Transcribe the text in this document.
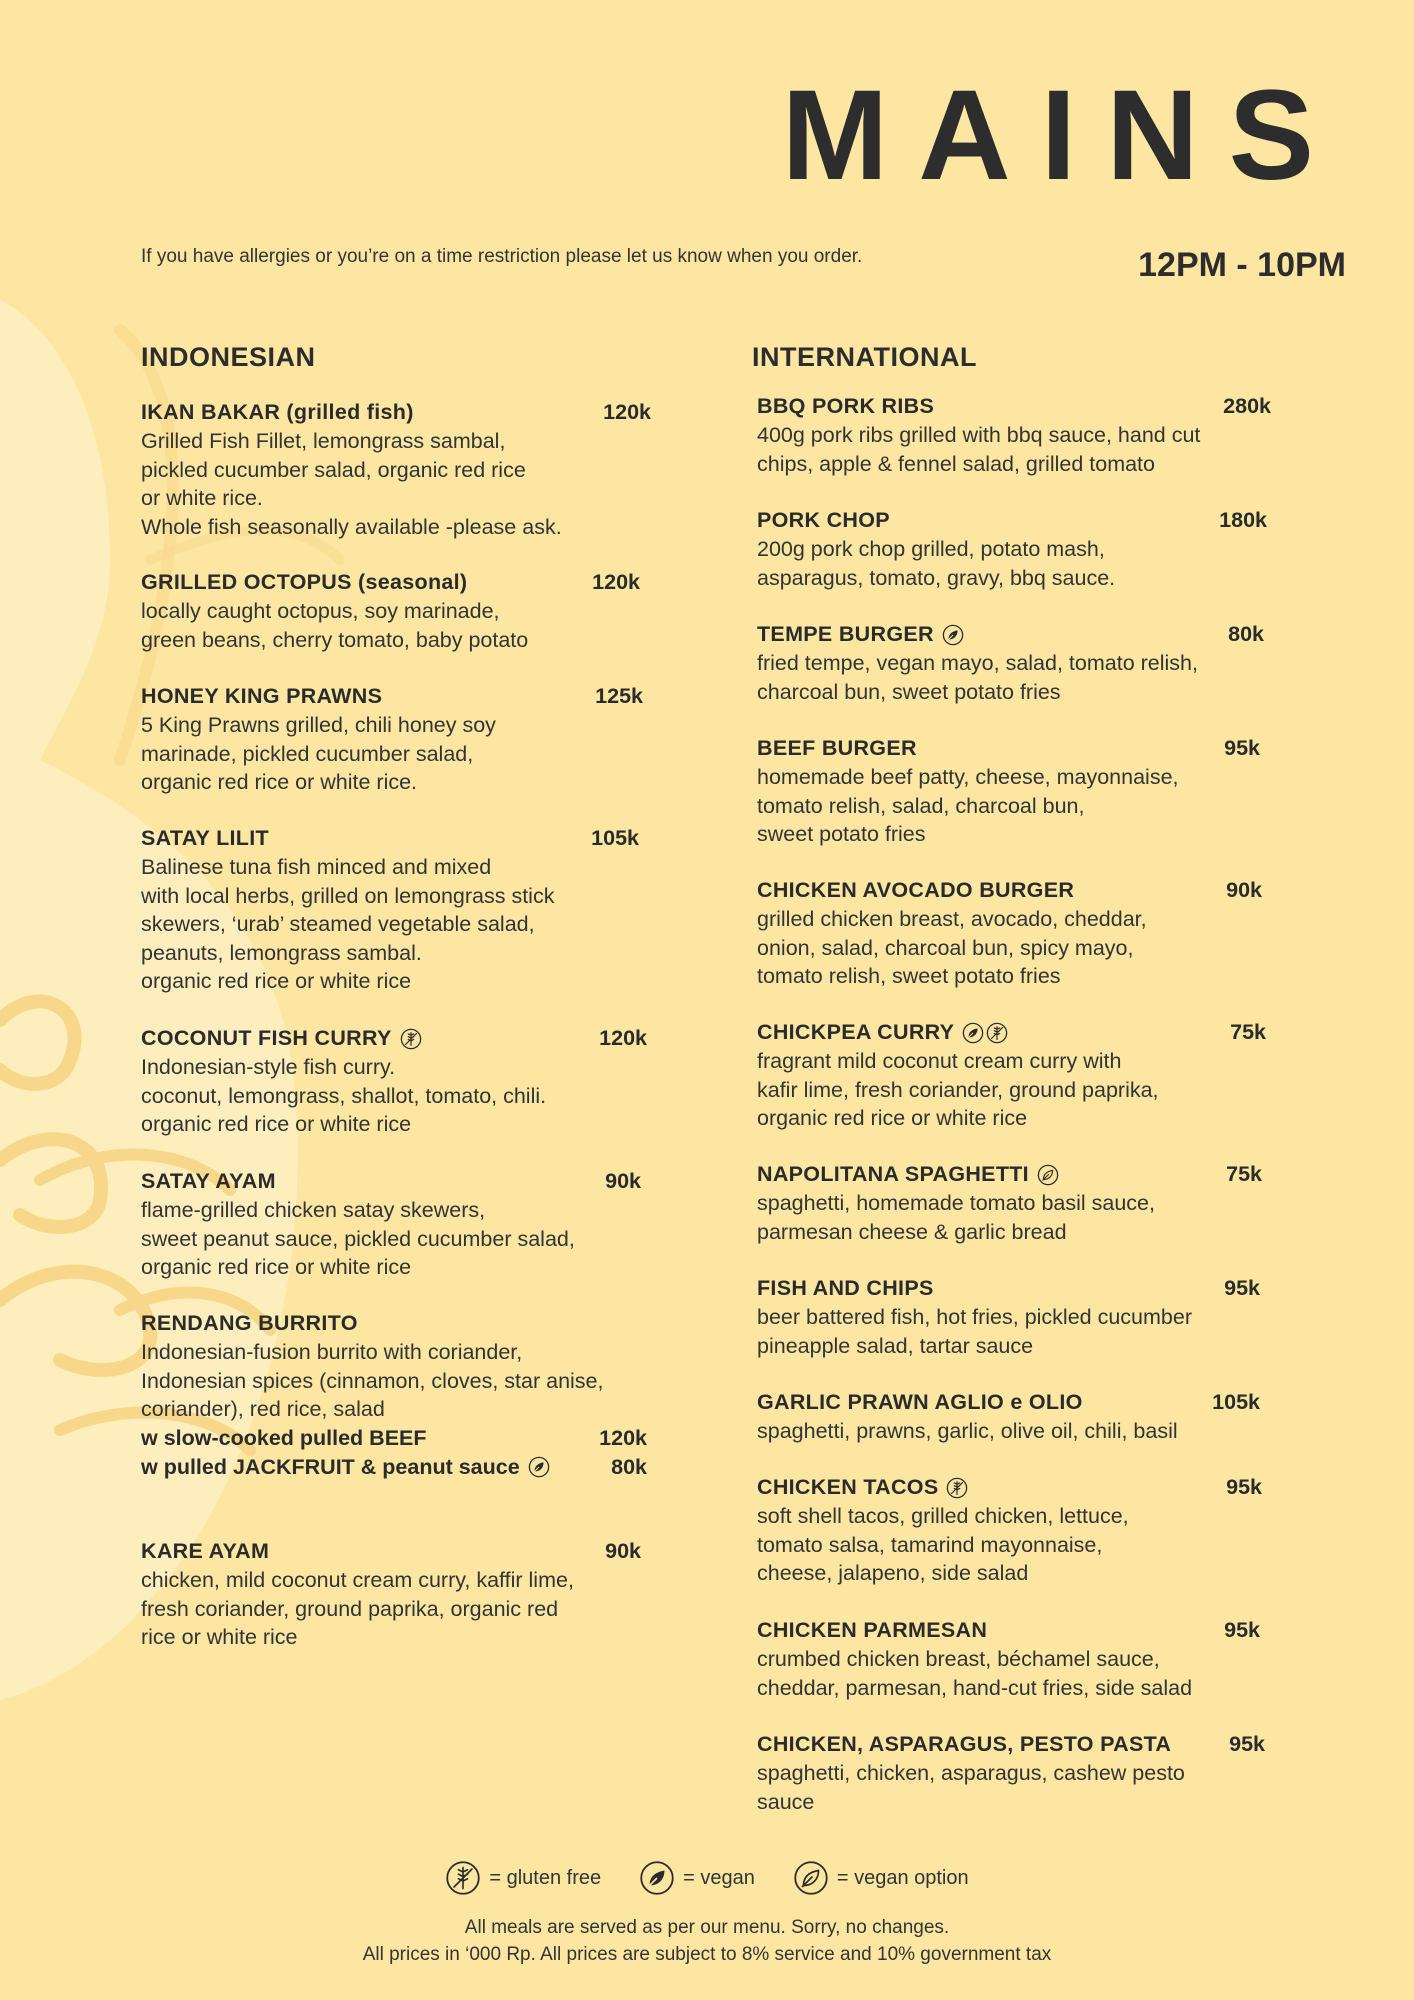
MAINS
If you have allergies or you’re on a time restriction please let us know when you order.	12PM - 10PM
INDONESIAN	INTERNATIONAL
IKAN BAKAR (grilled fish)	120k
Grilled Fish Fillet, lemongrass sambal,
pickled cucumber salad, organic red rice
or white rice.
Whole fish seasonally available -please ask.
GRILLED OCTOPUS (seasonal)	120k
locally caught octopus, soy marinade,
green beans, cherry tomato, baby potato
HONEY KING PRAWNS	125k
5 King Prawns grilled, chili honey soy
marinade, pickled cucumber salad,
organic red rice or white rice.
SATAY LILIT	105k
Balinese tuna fish minced and mixed
with local herbs, grilled on lemongrass stick
skewers, ‘urab’ steamed vegetable salad,
peanuts, lemongrass sambal.
organic red rice or white rice
COCONUT FISH CURRY	120k
Indonesian-style fish curry.
coconut, lemongrass, shallot, tomato, chili.
organic red rice or white rice
SATAY AYAM	90k
flame-grilled chicken satay skewers,
sweet peanut sauce, pickled cucumber salad,
organic red rice or white rice
RENDANG BURRITO
Indonesian-fusion burrito with coriander,
Indonesian spices (cinnamon, cloves, star anise,
coriander), red rice, salad
w slow-cooked pulled BEEF	120k
w pulled JACKFRUIT & peanut sauce	80k
KARE AYAM	90k
chicken, mild coconut cream curry, kaffir lime,
fresh coriander, ground paprika, organic red
rice or white rice
BBQ PORK RIBS	280k
400g pork ribs grilled with bbq sauce, hand cut
chips, apple & fennel salad, grilled tomato
PORK CHOP	180k
200g pork chop grilled, potato mash,
asparagus, tomato, gravy, bbq sauce.
TEMPE BURGER	80k
fried tempe, vegan mayo, salad, tomato relish,
charcoal bun, sweet potato fries
BEEF BURGER	95k
homemade beef patty, cheese, mayonnaise,
tomato relish, salad, charcoal bun,
sweet potato fries
CHICKEN AVOCADO BURGER	90k
grilled chicken breast, avocado, cheddar,
onion, salad, charcoal bun, spicy mayo,
tomato relish, sweet potato fries
CHICKPEA CURRY	75k
fragrant mild coconut cream curry with
kafir lime, fresh coriander, ground paprika,
organic red rice or white rice
NAPOLITANA SPAGHETTI	75k
spaghetti, homemade tomato basil sauce,
parmesan cheese & garlic bread
FISH AND CHIPS	95k
beer battered fish, hot fries, pickled cucumber
pineapple salad, tartar sauce
GARLIC PRAWN AGLIO e OLIO	105k
spaghetti, prawns, garlic, olive oil, chili, basil
CHICKEN TACOS	95k
soft shell tacos, grilled chicken, lettuce,
tomato salsa, tamarind mayonnaise,
cheese, jalapeno, side salad
CHICKEN PARMESAN	95k
crumbed chicken breast, béchamel sauce,
cheddar, parmesan, hand-cut fries, side salad
CHICKEN, ASPARAGUS, PESTO PASTA	95k
spaghetti, chicken, asparagus, cashew pesto
sauce
= gluten free	= vegan	= vegan option
All meals are served as per our menu. Sorry, no changes.
All prices in ‘000 Rp. All prices are subject to 8% service and 10% government tax
